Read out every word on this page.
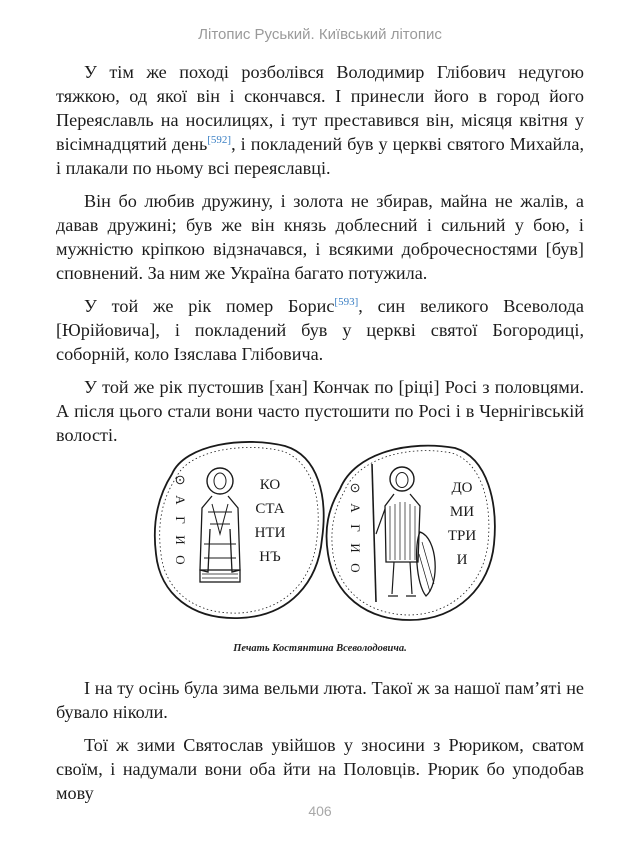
Літопис Руський. Київський літопис

У тім же поході розболівся Володимир Глібович недугою тяжкою, од якої він і скончався. І принесли його в город його Переяславль на носилицях, і тут преставився він, місяця квітня у вісімнадцятий день [ $^{592}$ ] , і покладений був у церкві святого Михайла, і плакали по ньому всі переяславці.

Він бо любив дружину, і золота не збирав, майна не жалів, а давав дружині; був же він князь доблесний і сильний у бою, і мужністю кріпкою відзначався, і всякими доброчесностями [був] сповнений. За ним же Україна багато потужила.

У той же рік помер Борис [ $^{593}$ ] , син великого Всеволода [Юрійовича], і покладений був у церкві святої Богородиці, соборній, коло Ізяслава Глібовича.

У той же рік пустошив [хан] Кончак по [ріці] Росі з половцями. А після цього стали вони часто пустошити по Росі і в Чернігівській волості.

⊙
А
Г
И
О
КО
СТА
НТИ
НЪ
⊙
А
Г
И
О
ДО
МИ
ТРИ
И
Печать Костянтина Всеволодовича.

І на ту осінь була зима вельми люта. Такої ж за нашої пам’яті не бувало ніколи.

Тої ж зими Святослав увійшов у зносини з Рюриком, сватом своїм, і надумали вони оба йти на Половців. Рюрик бо уподобав мову

406
